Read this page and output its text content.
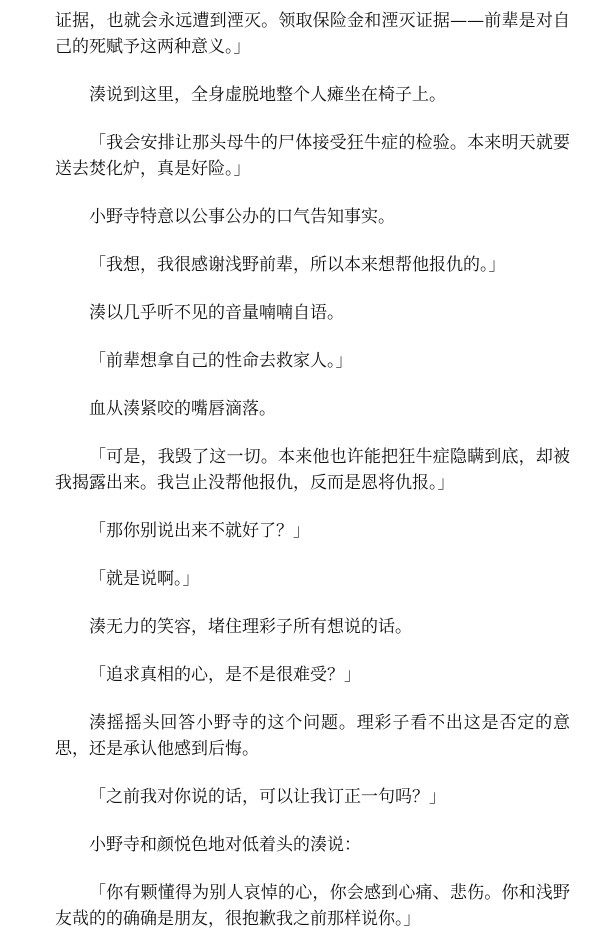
证据，也就会永远遭到湮灭。领取保险金和湮灭证据——前辈是对自己的死赋予这两种意义。」

湊说到这里，全身虚脱地整个人瘫坐在椅子上。

「我会安排让那头母牛的尸体接受狂牛症的检验。本来明天就要送去焚化炉，真是好险。」

小野寺特意以公事公办的口气告知事实。

「我想，我很感谢浅野前辈，所以本来想帮他报仇的。」

湊以几乎听不见的音量喃喃自语。

「前辈想拿自己的性命去救家人。」

血从湊紧咬的嘴唇滴落。

「可是，我毁了这一切。本来他也许能把狂牛症隐瞒到底，却被我揭露出来。我岂止没帮他报仇，反而是恩将仇报。」

「那你别说出来不就好了？」

「就是说啊。」

湊无力的笑容，堵住理彩子所有想说的话。

「追求真相的心，是不是很难受？」

湊摇摇头回答小野寺的这个问题。理彩子看不出这是否定的意思，还是承认他感到后悔。

「之前我对你说的话，可以让我订正一句吗？」

小野寺和颜悦色地对低着头的湊说：

「你有颗懂得为别人哀悼的心，你会感到心痛、悲伤。你和浅野友哉的的确确是朋友，很抱歉我之前那样说你。」
